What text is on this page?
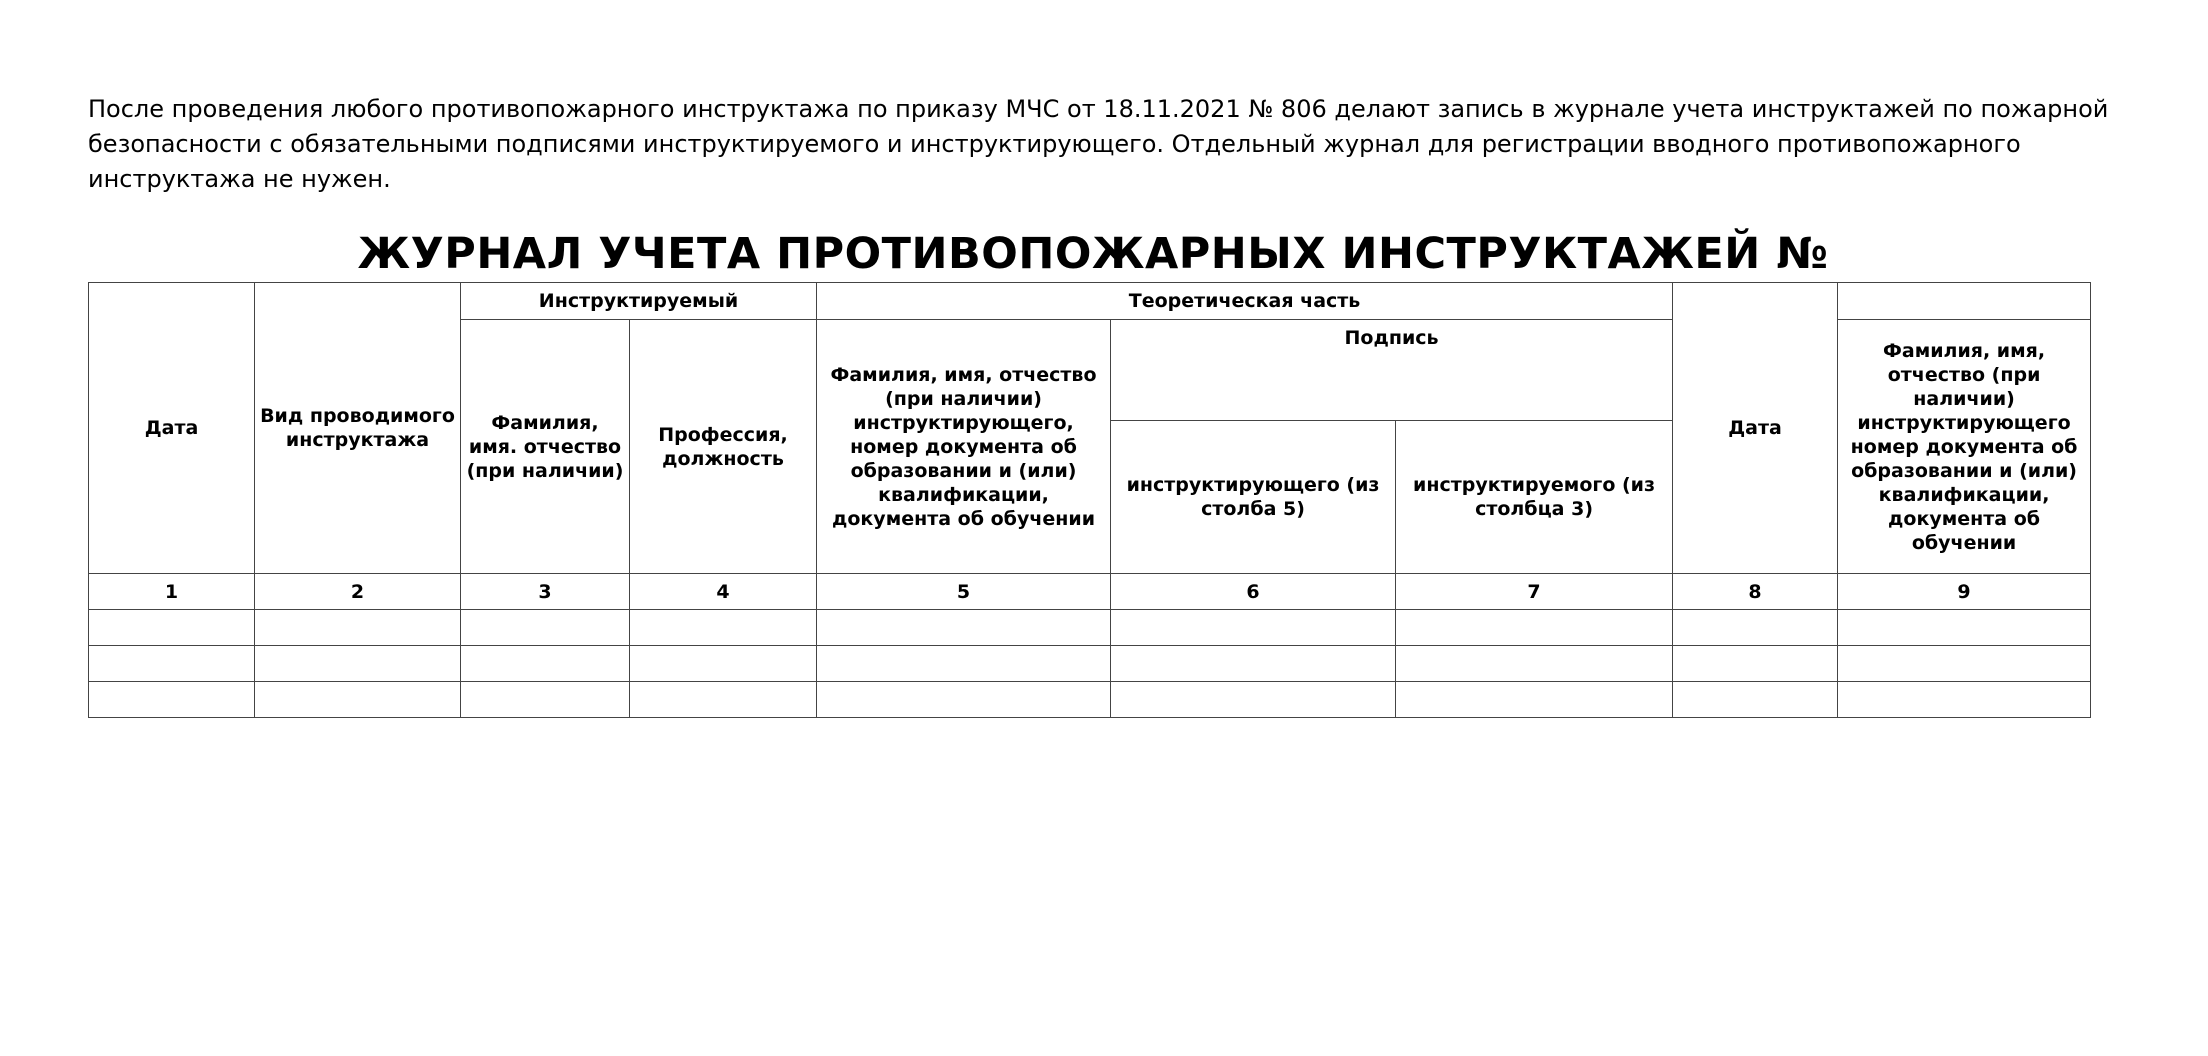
После проведения любого противопожарного инструктажа по приказу МЧС от 18.11.2021 № 806 делают запись в журнале учета инструктажей по пожарной безопасности с обязательными подписями инструктируемого и инструктирующего. Отдельный журнал для регистрации вводного противопожарного инструктажа не нужен.

ЖУРНАЛ УЧЕТА ПРОТИВОПОЖАРНЫХ ИНСТРУКТАЖЕЙ №
Дата	Вид проводимого инструктажа	Инструктируемый		Теоретическая часть			Дата	
		Фамилия, имя. отчество (при наличии)	Профессия, должность	Фамилия, имя, отчество (при наличии) инструктирующего, номер документа об образовании и (или) квалификации, документа об обучении	Подпись			Фамилия, имя, отчество (при наличии) инструктирующего номер документа об образовании и (или) квалификации, документа об обучении
					инструктирующего (из столба 5)	инструктируемого (из столбца 3)		
1	2	3	4	5	6	7	8	9
